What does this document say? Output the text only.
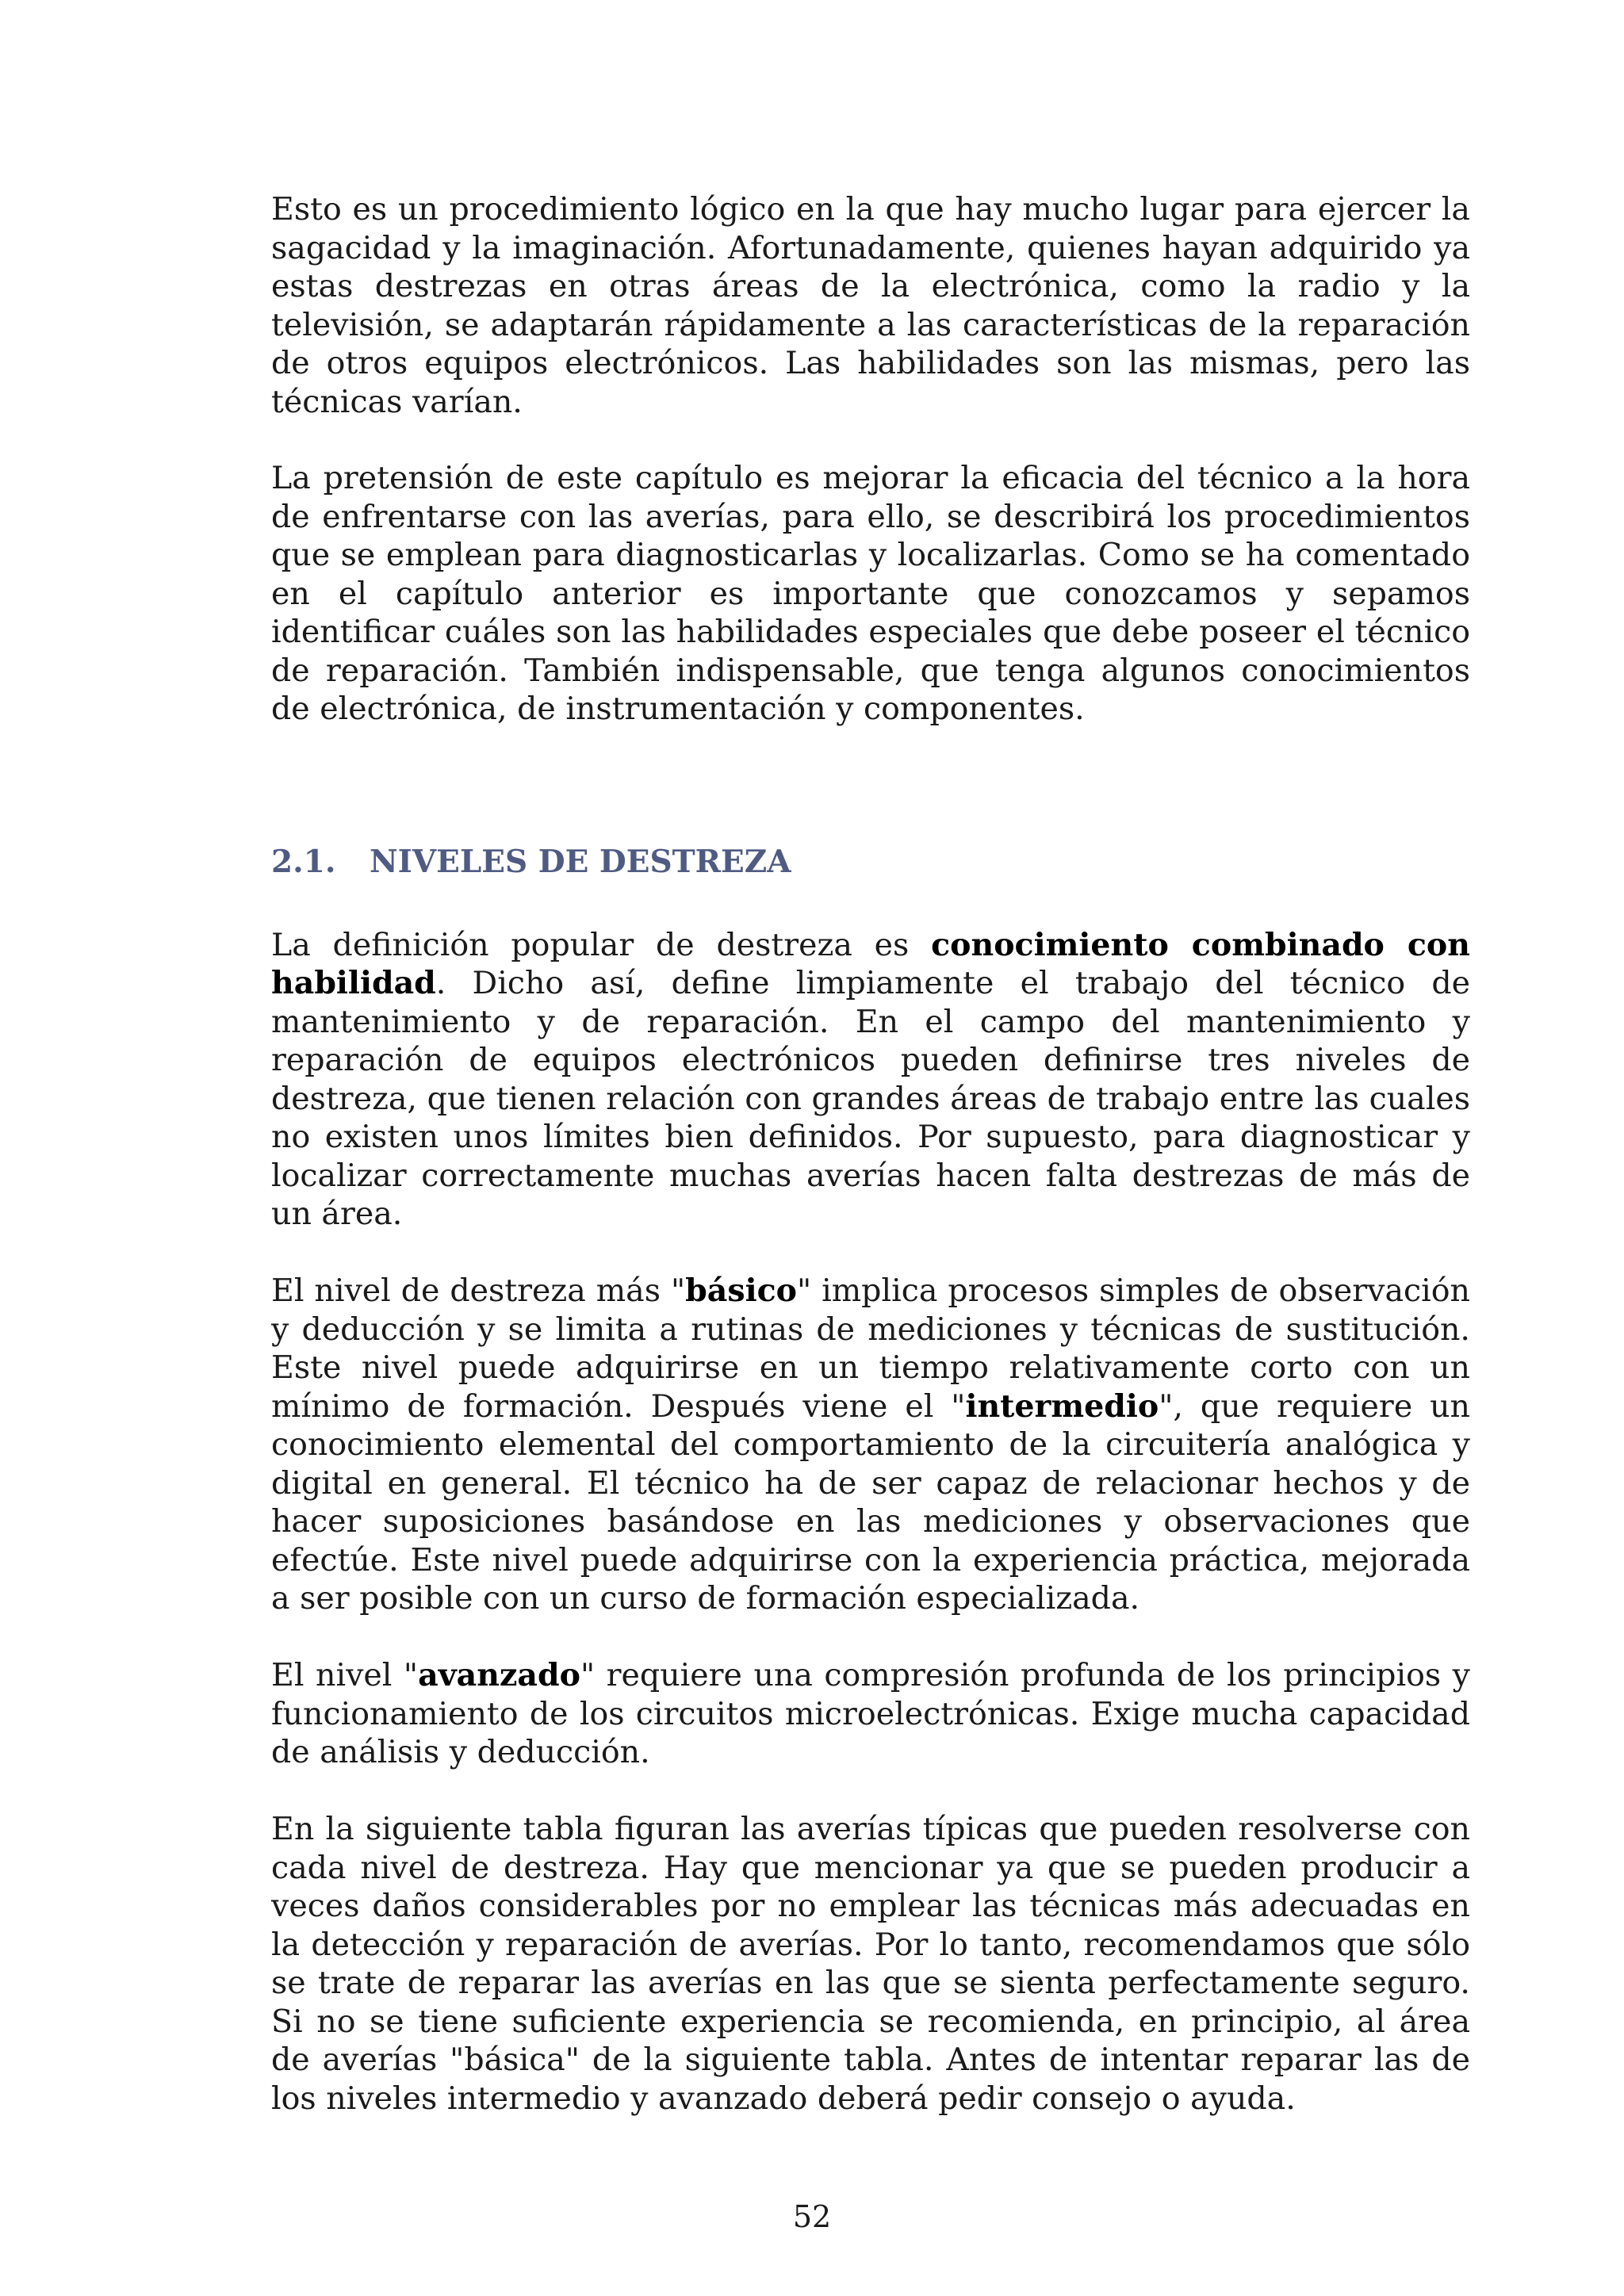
Esto es un procedimiento lógico en la que hay mucho lugar para ejercer la sagacidad y la imaginación. Afortunadamente, quienes hayan adquirido ya estas destrezas en otras áreas de la electrónica, como la radio y la televisión, se adaptarán rápidamente a las características de la reparación de otros equipos electrónicos. Las habilidades son las mismas, pero las técnicas varían.

La pretensión de este capítulo es mejorar la eficacia del técnico a la hora de enfrentarse con las averías, para ello, se describirá los procedimientos que se emplean para diagnosticarlas y localizarlas. Como se ha comentado en el capítulo anterior es importante que conozcamos y sepamos identificar cuáles son las habilidades especiales que debe poseer el técnico de reparación. También indispensable, que tenga algunos conocimientos de electrónica, de instrumentación y componentes.

2.1.	NIVELES DE DESTREZA

La definición popular de destreza es conocimiento combinado con habilidad. Dicho así, define limpiamente el trabajo del técnico de mantenimiento y de reparación. En el campo del mantenimiento y reparación de equipos electrónicos pueden definirse tres niveles de destreza, que tienen relación con grandes áreas de trabajo entre las cuales no existen unos límites bien definidos. Por supuesto, para diagnosticar y localizar correctamente muchas averías hacen falta destrezas de más de un área.

El nivel de destreza más "básico" implica procesos simples de observación y deducción y se limita a rutinas de mediciones y técnicas de sustitución. Este nivel puede adquirirse en un tiempo relativamente corto con un mínimo de formación. Después viene el "intermedio", que requiere un conocimiento elemental del comportamiento de la circuitería analógica y digital en general. El técnico ha de ser capaz de relacionar hechos y de hacer suposiciones basándose en las mediciones y observaciones que efectúe. Este nivel puede adquirirse con la experiencia práctica, mejorada a ser posible con un curso de formación especializada.

El nivel "avanzado" requiere una compresión profunda de los principios y funcionamiento de los circuitos microelectrónicas. Exige mucha capacidad de análisis y deducción.

En la siguiente tabla figuran las averías típicas que pueden resolverse con cada nivel de destreza. Hay que mencionar ya que se pueden producir a veces daños considerables por no emplear las técnicas más adecuadas en la detección y reparación de averías. Por lo tanto, recomendamos que sólo se trate de reparar las averías en las que se sienta perfectamente seguro. Si no se tiene suficiente experiencia se recomienda, en principio, al área de averías "básica" de la siguiente tabla. Antes de intentar reparar las de los niveles intermedio y avanzado deberá pedir consejo o ayuda.

52
